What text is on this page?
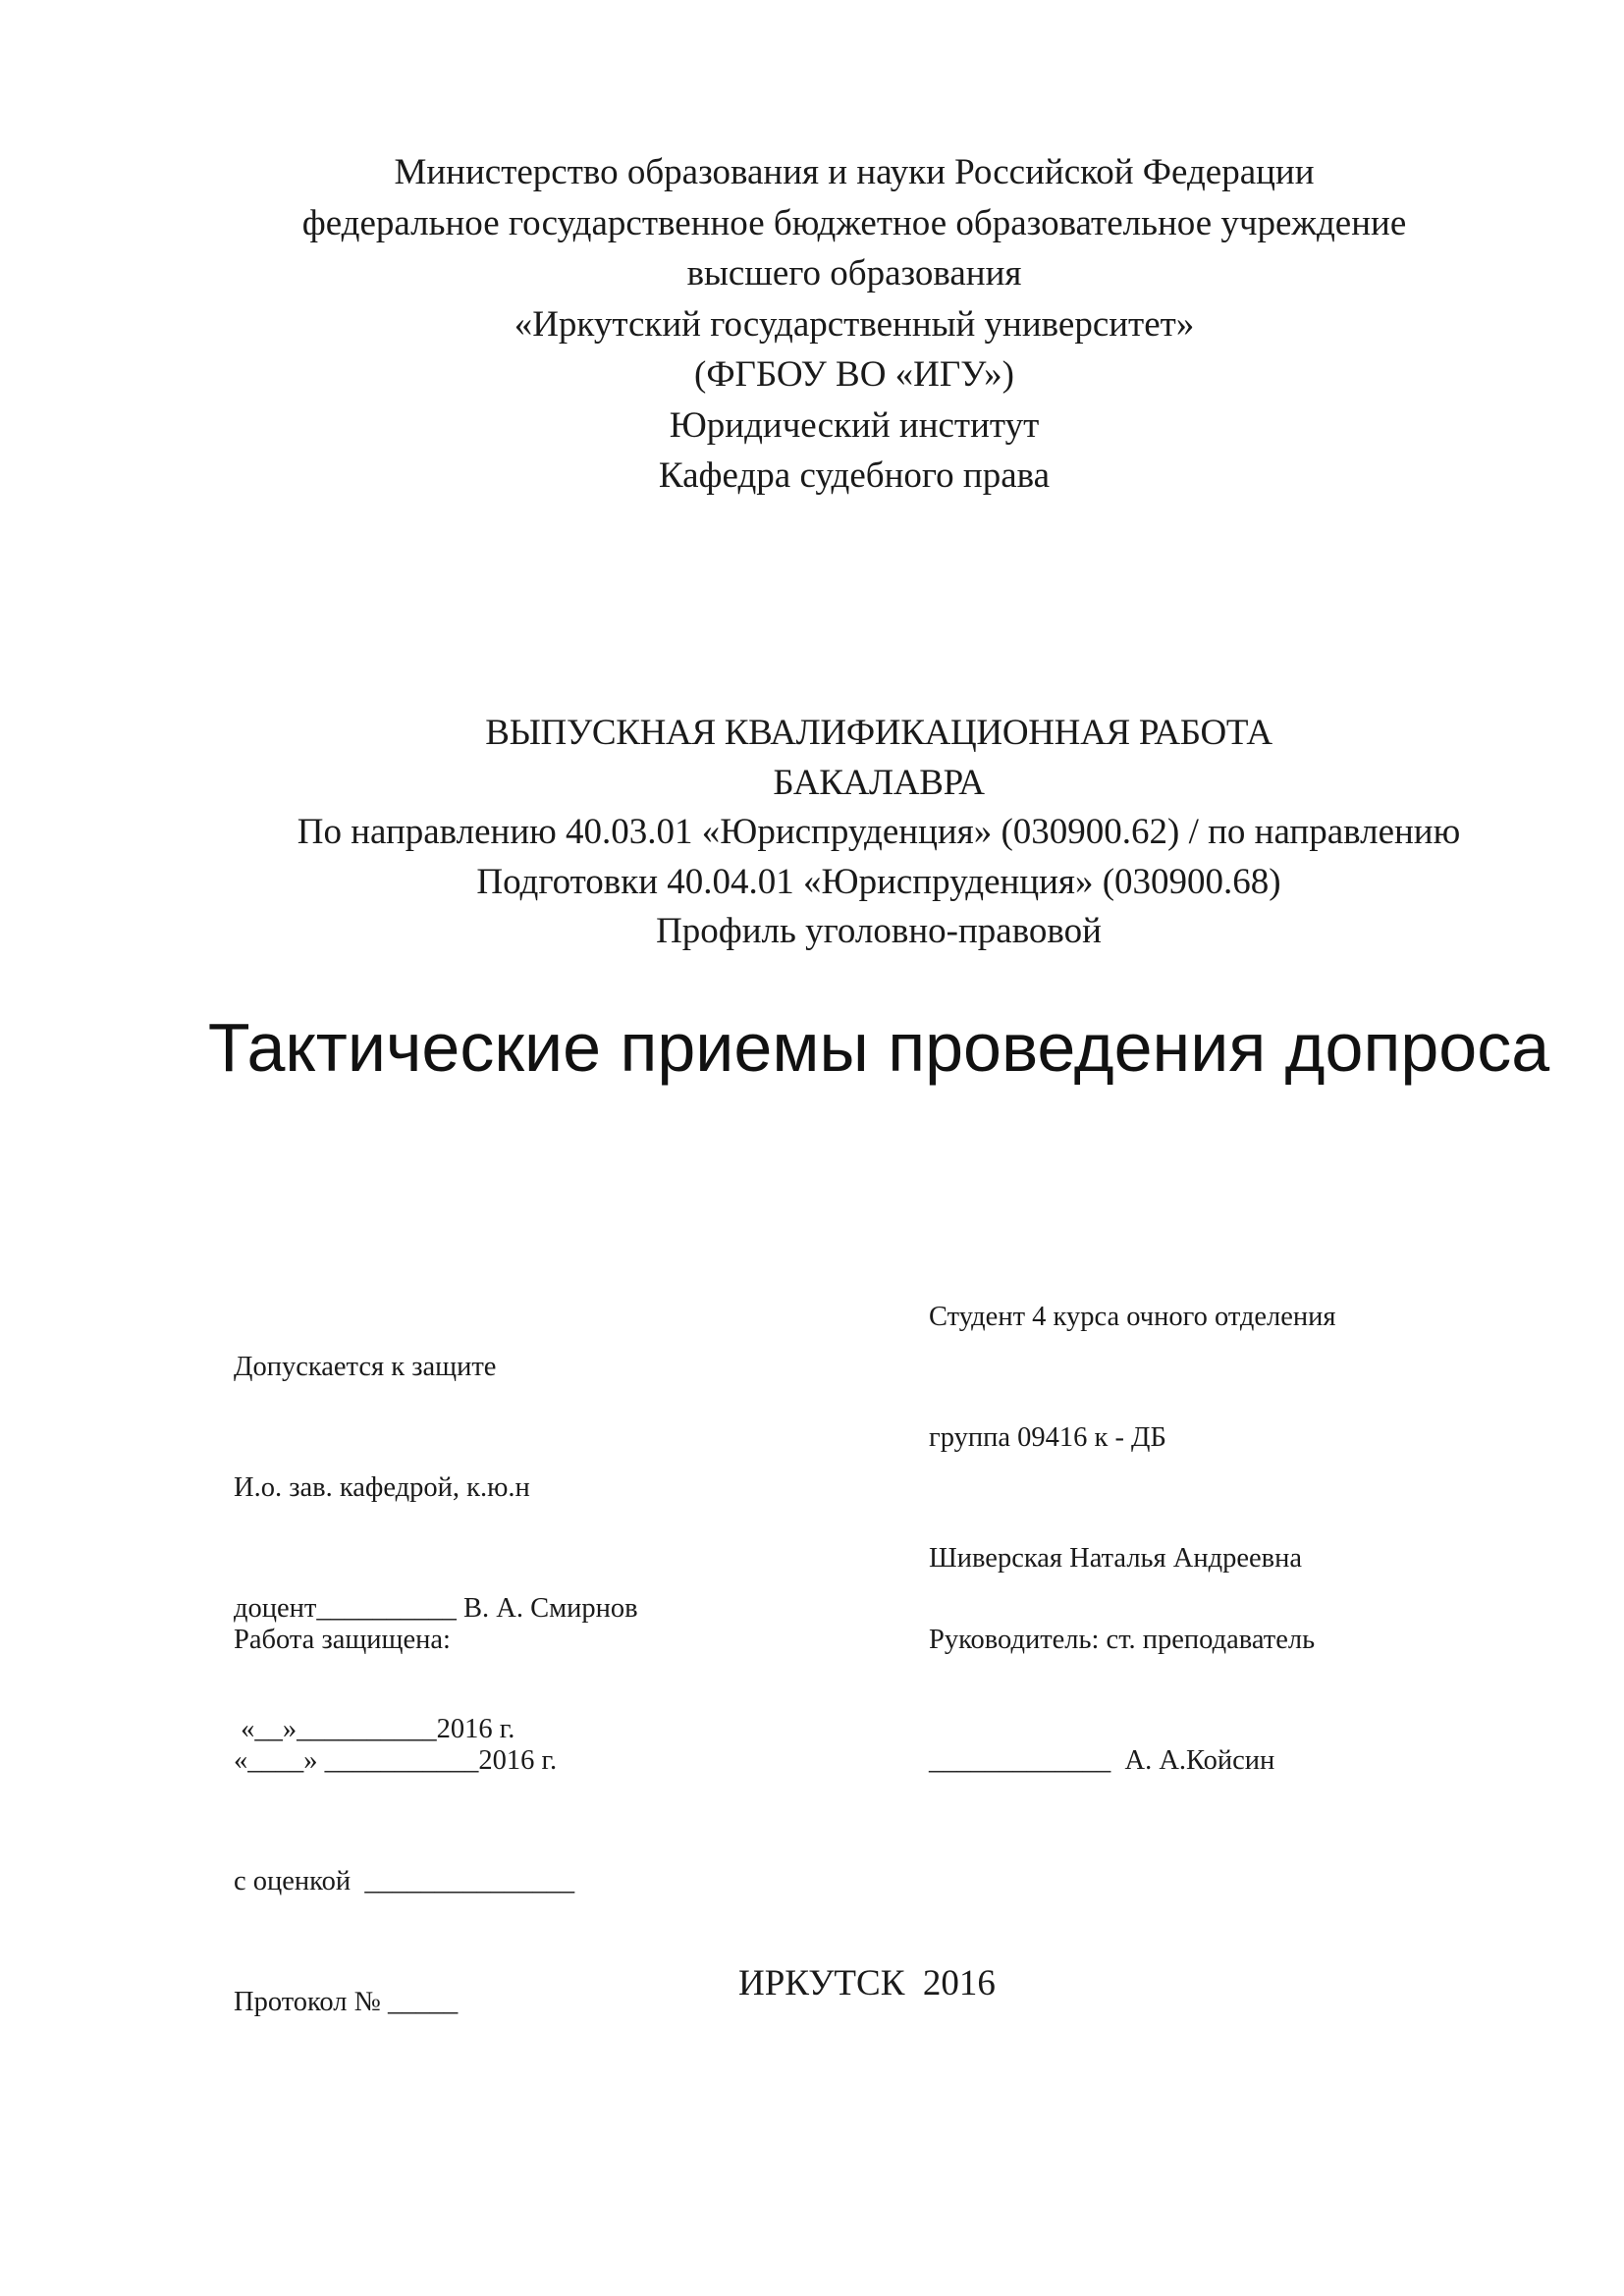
Министерство образования и науки Российской Федерации
федеральное государственное бюджетное образовательное учреждение
высшего образования
«Иркутский государственный университет»
(ФГБОУ ВО «ИГУ»)
Юридический институт
Кафедра судебного права
ВЫПУСКНАЯ КВАЛИФИКАЦИОННАЯ РАБОТА
БАКАЛАВРА
По направлению 40.03.01 «Юриспруденция» (030900.62) / по направлению
Подготовки 40.04.01 «Юриспруденция» (030900.68)
Профиль уголовно-правовой
Тактические приемы проведения допроса

Студент 4 курса очного отделения

группа 09416 к - ДБ

Шиверская Наталья Андреевна

Допускается к защите

И.о. зав. кафедрой, к.ю.н

доцент__________ В. А. Смирнов

«__»__________2016 г.

Работа защищена:

«____» ___________2016 г.

с оценкой  _______________

Протокол № _____

Руководитель: ст. преподаватель

_____________  А. А.Койсин

ИРКУТСК  2016
